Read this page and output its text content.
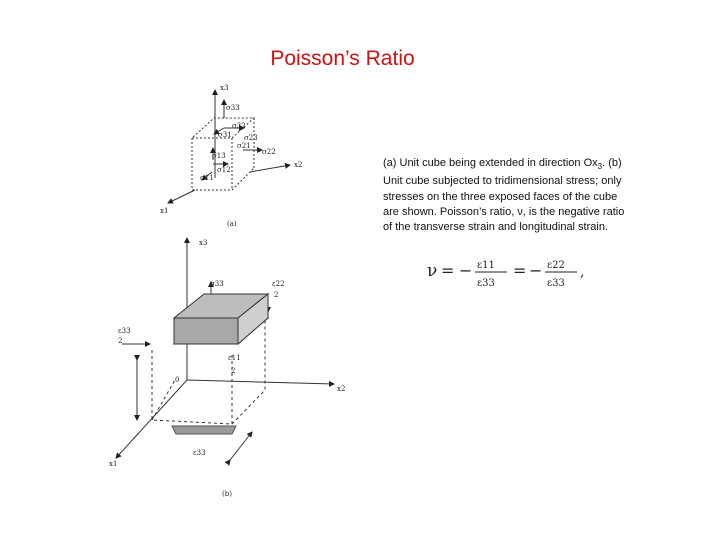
Poisson’s Ratio
x3
x2
x1
σ33
σ32
σ31 σ23
σ21
σ22
σ13
σ12
σ11
(a)
x3
x2
x1
0
σ33	ε22
2
ε11
2
ε33
ε33
2
(b)
(a) Unit cube being extended in direction $Ox_3$. (b) Unit cube subjected to tridimensional stress; only stresses on the three exposed faces of the cube are shown. Poisson’s ratio, ν, is the negative ratio of the transverse strain and longitudinal strain.
ν = − ε11
ε33
= − ε22
ε33
,
